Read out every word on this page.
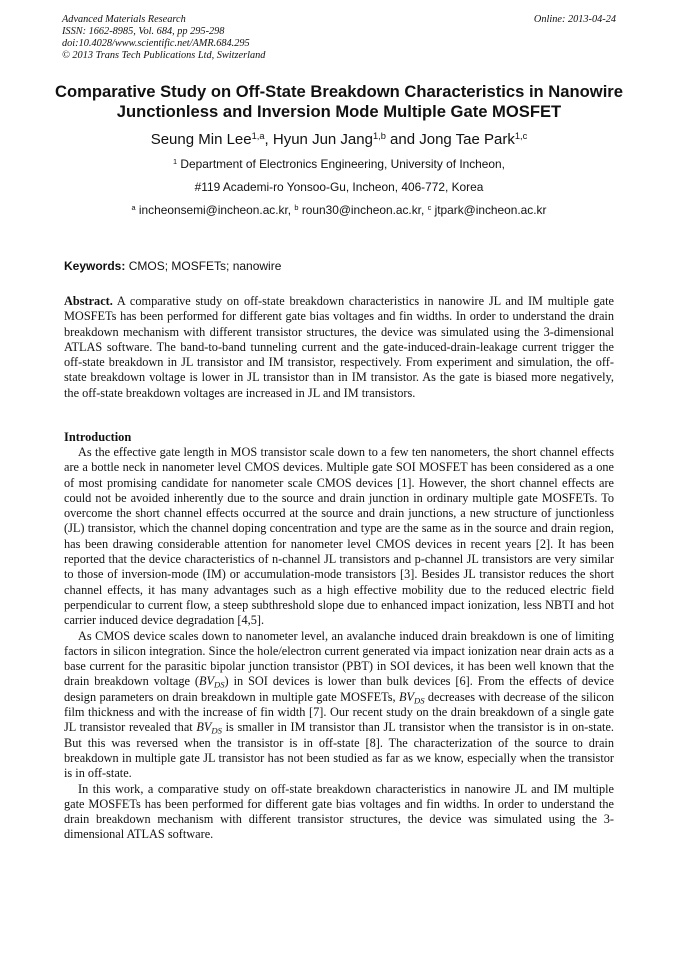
Advanced Materials Research
ISSN: 1662-8985, Vol. 684, pp 295-298
doi:10.4028/www.scientific.net/AMR.684.295
© 2013 Trans Tech Publications Ltd, Switzerland
Online: 2013-04-24
Comparative Study on Off-State Breakdown Characteristics in Nanowire
Junctionless and Inversion Mode Multiple Gate MOSFET
Seung Min Lee$^{1,a}$, Hyun Jun Jang$^{1,b}$ and Jong Tae Park$^{1,c}$
$^1$ Department of Electronics Engineering, University of Incheon,
#119 Academi-ro Yonsoo-Gu, Incheon, 406-772, Korea
$^a$ incheonsemi@incheon.ac.kr, $^b$ roun30@incheon.ac.kr, $^c$ jtpark@incheon.ac.kr
Keywords: CMOS; MOSFETs; nanowire

Abstract. A comparative study on off-state breakdown characteristics in nanowire JL and IM multiple gate MOSFETs has been performed for different gate bias voltages and fin widths. In order to understand the drain breakdown mechanism with different transistor structures, the device was simulated using the 3-dimensional ATLAS software. The band-to-band tunneling current and the gate-induced-drain-leakage current trigger the off-state breakdown in JL transistor and IM transistor, respectively. From experiment and simulation, the off-state breakdown voltage is lower in JL transistor than in IM transistor. As the gate is biased more negatively, the off-state breakdown voltages are increased in JL and IM transistors.

Introduction

As the effective gate length in MOS transistor scale down to a few ten nanometers, the short channel effects are a bottle neck in nanometer level CMOS devices. Multiple gate SOI MOSFET has been considered as a one of most promising candidate for nanometer scale CMOS devices [1]. However, the short channel effects are could not be avoided inherently due to the source and drain junction in ordinary multiple gate MOSFETs. To overcome the short channel effects occurred at the source and drain junctions, a new structure of junctionless (JL) transistor, which the channel doping concentration and type are the same as in the source and drain region, has been drawing considerable attention for nanometer level CMOS devices in recent years [2]. It has been reported that the device characteristics of n-channel JL transistors and p-channel JL transistors are very similar to those of inversion-mode (IM) or accumulation-mode transistors [3]. Besides JL transistor reduces the short channel effects, it has many advantages such as a high effective mobility due to the reduced electric field perpendicular to current flow, a steep subthreshold slope due to enhanced impact ionization, less NBTI and hot carrier induced device degradation [4,5].

As CMOS device scales down to nanometer level, an avalanche induced drain breakdown is one of limiting factors in silicon integration. Since the hole/electron current generated via impact ionization near drain acts as a base current for the parasitic bipolar junction transistor (PBT) in SOI devices, it has been well known that the drain breakdown voltage $(BV_{DS})$ in SOI devices is lower than bulk devices [6]. From the effects of device design parameters on drain breakdown in multiple gate MOSFETs, $BV_{DS}$ decreases with decrease of the silicon film thickness and with the increase of fin width [7]. Our recent study on the drain breakdown of a single gate JL transistor revealed that $BV_{DS}$ is smaller in IM transistor than JL transistor when the transistor is in on-state. But this was reversed when the transistor is in off-state [8]. The characterization of the source to drain breakdown in multiple gate JL transistor has not been studied as far as we know, especially when the transistor is in off-state.

In this work, a comparative study on off-state breakdown characteristics in nanowire JL and IM multiple gate MOSFETs has been performed for different gate bias voltages and fin widths. In order to understand the drain breakdown mechanism with different transistor structures, the device was simulated using the 3-dimensional ATLAS software.
